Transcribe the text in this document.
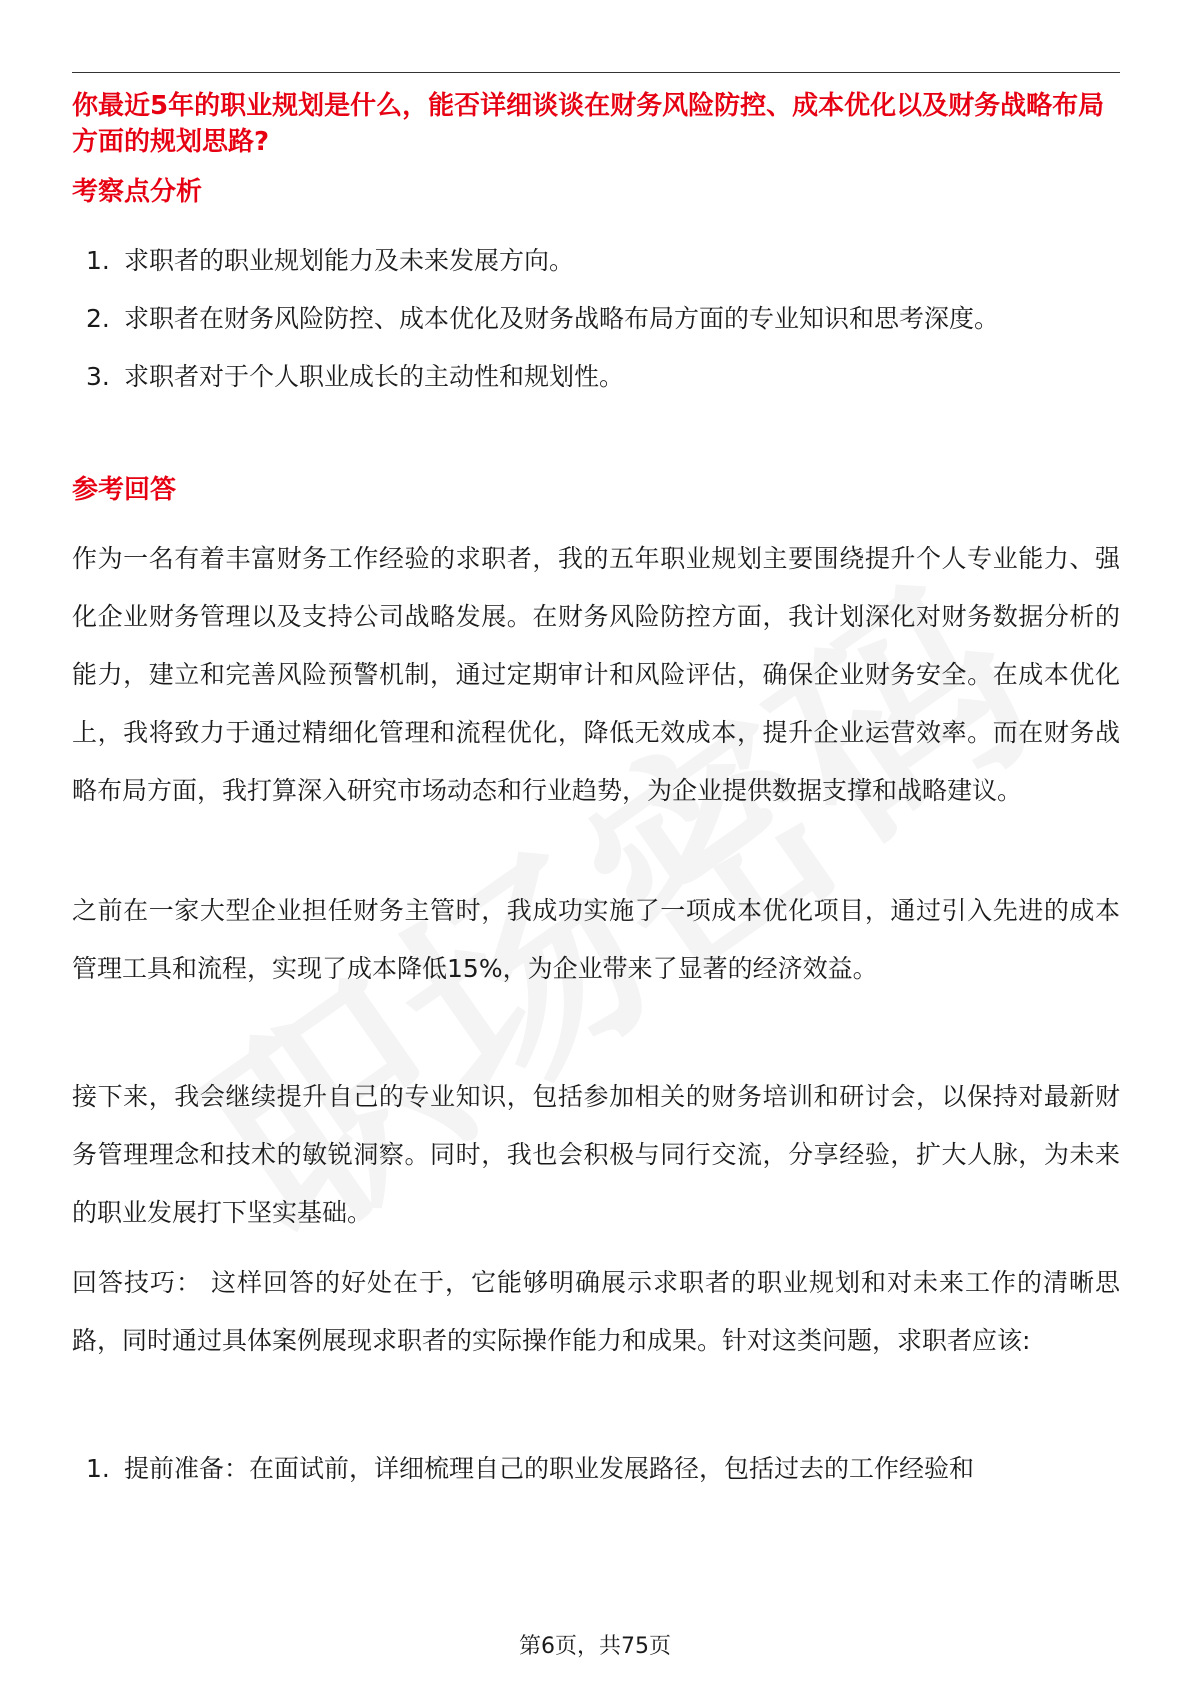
你最近5年的职业规划是什么，能否详细谈谈在财务风险防控、成本优化以及财务战略布局方面的规划思路?
考察点分析
1. 求职者的职业规划能力及未来发展方向。
2. 求职者在财务风险防控、成本优化及财务战略布局方面的专业知识和思考深度。
3. 求职者对于个人职业成长的主动性和规划性。
参考回答

作为一名有着丰富财务工作经验的求职者，我的五年职业规划主要围绕提升个人专业能力、强化企业财务管理以及支持公司战略发展。在财务风险防控方面，我计划深化对财务数据分析的能力，建立和完善风险预警机制，通过定期审计和风险评估，确保企业财务安全。在成本优化上，我将致力于通过精细化管理和流程优化，降低无效成本，提升企业运营效率。而在财务战略布局方面，我打算深入研究市场动态和行业趋势，为企业提供数据支撑和战略建议。

之前在一家大型企业担任财务主管时，我成功实施了一项成本优化项目，通过引入先进的成本管理工具和流程，实现了成本降低15%，为企业带来了显著的经济效益。

接下来，我会继续提升自己的专业知识，包括参加相关的财务培训和研讨会，以保持对最新财务管理理念和技术的敏锐洞察。同时，我也会积极与同行交流，分享经验，扩大人脉，为未来的职业发展打下坚实基础。

回答技巧： 这样回答的好处在于，它能够明确展示求职者的职业规划和对未来工作的清晰思路，同时通过具体案例展现求职者的实际操作能力和成果。针对这类问题，求职者应该:

1. 提前准备：在面试前，详细梳理自己的职业发展路径，包括过去的工作经验和
第6页，共75页
